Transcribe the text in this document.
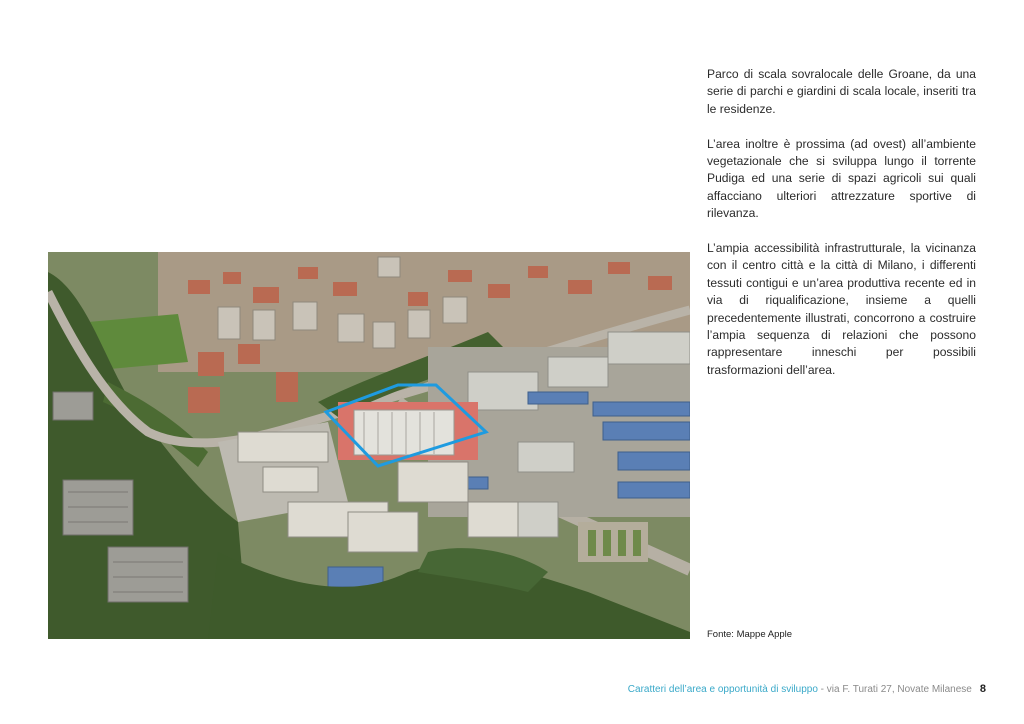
Parco di scala sovralocale delle Groane, da una serie di parchi e giardini di scala locale, inseriti tra le residenze.

L’area inoltre è prossima (ad ovest) all’ambiente vegetazionale che si sviluppa lungo il torrente Pudiga ed una serie di spazi agricoli sui quali affacciano ulteriori attrezzature sportive di rilevanza.

L’ampia accessibilità infrastrutturale, la vicinanza con il centro città e la città di Milano, i differenti tessuti contigui e un’area produttiva recente ed in via di riqualificazione, insieme a quelli precedentemente illustrati, concorrono a costruire l’ampia sequenza di relazioni che possono rappresentare inneschi per possibili trasformazioni dell’area.

Fonte: Mappe Apple
Caratteri dell’area e opportunità di sviluppo - via F. Turati 27, Novate Milanese 8
